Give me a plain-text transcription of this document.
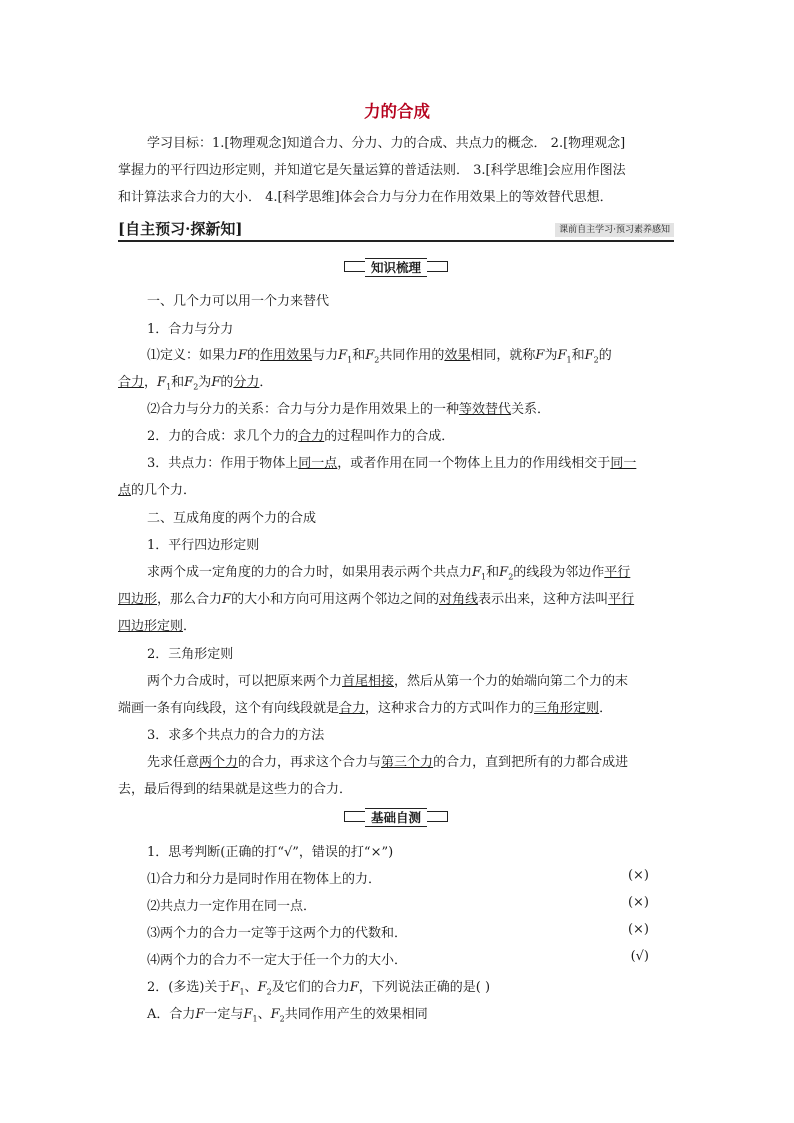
力的合成
学习目标：1.[物理观念]知道合力、分力、力的合成、共点力的概念． 2.[物理观念]
掌握力的平行四边形定则，并知道它是矢量运算的普适法则． 3.[科学思维]会应用作图法
和计算法求合力的大小． 4.[科学思维]体会合力与分力在作用效果上的等效替代思想．
[自主预习·探新知]	课前自主学习·预习素养感知
知识梳理
一、几个力可以用一个力来替代
1．合力与分力
⑴定义：如果力F的作用效果与力$F_1$和$F_2$共同作用的效果相同，就称F为$F_1$和$F_2$的
合力，$F_1$和$F_2$为F的分力．
⑵合力与分力的关系：合力与分力是作用效果上的一种等效替代关系．
2．力的合成：求几个力的合力的过程叫作力的合成．
3．共点力：作用于物体上同一点，或者作用在同一个物体上且力的作用线相交于同一
点的几个力．
二、互成角度的两个力的合成
1．平行四边形定则
求两个成一定角度的力的合力时，如果用表示两个共点力$F_1$和$F_2$的线段为邻边作平行
四边形，那么合力F的大小和方向可用这两个邻边之间的对角线表示出来，这种方法叫平行
四边形定则．
2．三角形定则
两个力合成时，可以把原来两个力首尾相接，然后从第一个力的始端向第二个力的末
端画一条有向线段，这个有向线段就是合力，这种求合力的方式叫作力的三角形定则．
3．求多个共点力的合力的方法
先求任意两个力的合力，再求这个合力与第三个力的合力，直到把所有的力都合成进
去，最后得到的结果就是这些力的合力．
基础自测
1．思考判断(正确的打“√”，错误的打“×”)
⑴合力和分力是同时作用在物体上的力．	(×)
⑵共点力一定作用在同一点．	(×)
⑶两个力的合力一定等于这两个力的代数和．	(×)
⑷两个力的合力不一定大于任一个力的大小．	(√)
2．(多选)关于$F_1$、$F_2$及它们的合力F，下列说法正确的是( )
A．合力F一定与$F_1$、$F_2$共同作用产生的效果相同
